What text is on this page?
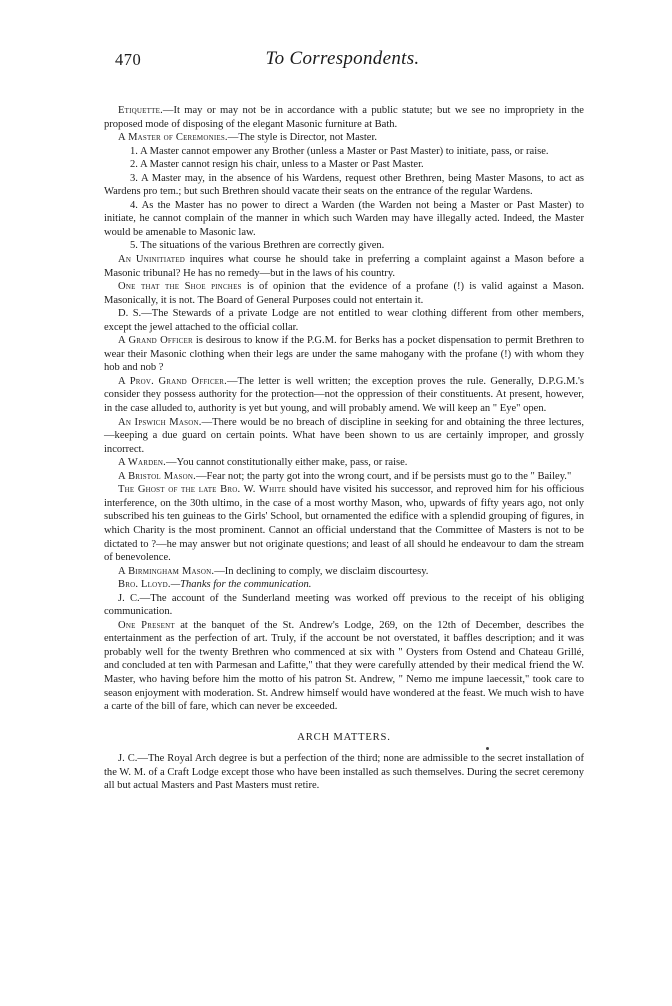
470	To Correspondents.

Etiquette.—It may or may not be in accordance with a public statute; but we see no impropriety in the proposed mode of disposing of the elegant Masonic furniture at Bath.

A Master of Ceremonies.—The style is Director, not Master.

1. A Master cannot empower any Brother (unless a Master or Past Master) to initiate, pass, or raise.

2. A Master cannot resign his chair, unless to a Master or Past Master.

3. A Master may, in the absence of his Wardens, request other Brethren, being Master Masons, to act as Wardens pro tem.; but such Brethren should vacate their seats on the entrance of the regular Wardens.

4. As the Master has no power to direct a Warden (the Warden not being a Master or Past Master) to initiate, he cannot complain of the manner in which such Warden may have illegally acted. Indeed, the Master would be amenable to Masonic law.

5. The situations of the various Brethren are correctly given.

An Uninitiated inquires what course he should take in preferring a complaint against a Mason before a Masonic tribunal? He has no remedy—but in the laws of his country.

One that the Shoe pinches is of opinion that the evidence of a profane (!) is valid against a Mason. Masonically, it is not. The Board of General Purposes could not entertain it.

D. S.—The Stewards of a private Lodge are not entitled to wear clothing different from other members, except the jewel attached to the official collar.

A Grand Officer is desirous to know if the P.G.M. for Berks has a pocket dispensation to permit Brethren to wear their Masonic clothing when their legs are under the same mahogany with the profane (!) with whom they hob and nob ?

A Prov. Grand Officer.—The letter is well written; the exception proves the rule. Generally, D.P.G.M.'s consider they possess authority for the protection—not the oppression of their constituents. At present, however, in the case alluded to, authority is yet but young, and will probably amend. We will keep an " Eye" open.

An Ipswich Mason.—There would be no breach of discipline in seeking for and obtaining the three lectures,—keeping a due guard on certain points. What have been shown to us are certainly improper, and grossly incorrect.

A Warden.—You cannot constitutionally either make, pass, or raise.

A Bristol Mason.—Fear not; the party got into the wrong court, and if be persists must go to the " Bailey."

The Ghost of the late Bro. W. White should have visited his successor, and reproved him for his officious interference, on the 30th ultimo, in the case of a most worthy Mason, who, upwards of fifty years ago, not only subscribed his ten guineas to the Girls' School, but ornamented the edifice with a splendid grouping of figures, in which Charity is the most prominent. Cannot an official understand that the Committee of Masters is not to be dictated to ?—he may answer but not originate questions; and least of all should he endeavour to dam the stream of benevolence.

A Birmingham Mason.—In declining to comply, we disclaim discourtesy.

Bro. Lloyd.—Thanks for the communication.

J. C.—The account of the Sunderland meeting was worked off previous to the receipt of his obliging communication.

One Present at the banquet of the St. Andrew's Lodge, 269, on the 12th of December, describes the entertainment as the perfection of art. Truly, if the account be not overstated, it baffles description; and it was probably well for the twenty Brethren who commenced at six with " Oysters from Ostend and Chateau Grillé, and concluded at ten with Parmesan and Lafitte," that they were carefully attended by their medical friend the W. Master, who having before him the motto of his patron St. Andrew, " Nemo me impune laecessit," took care to season enjoyment with moderation. St. Andrew himself would have wondered at the feast. We much wish to have a carte of the bill of fare, which can never be exceeded.

ARCH MATTERS.

J. C.—The Royal Arch degree is but a perfection of the third; none are admissible to the secret installation of the W. M. of a Craft Lodge except those who have been installed as such themselves. During the secret ceremony all but actual Masters and Past Masters must retire.
